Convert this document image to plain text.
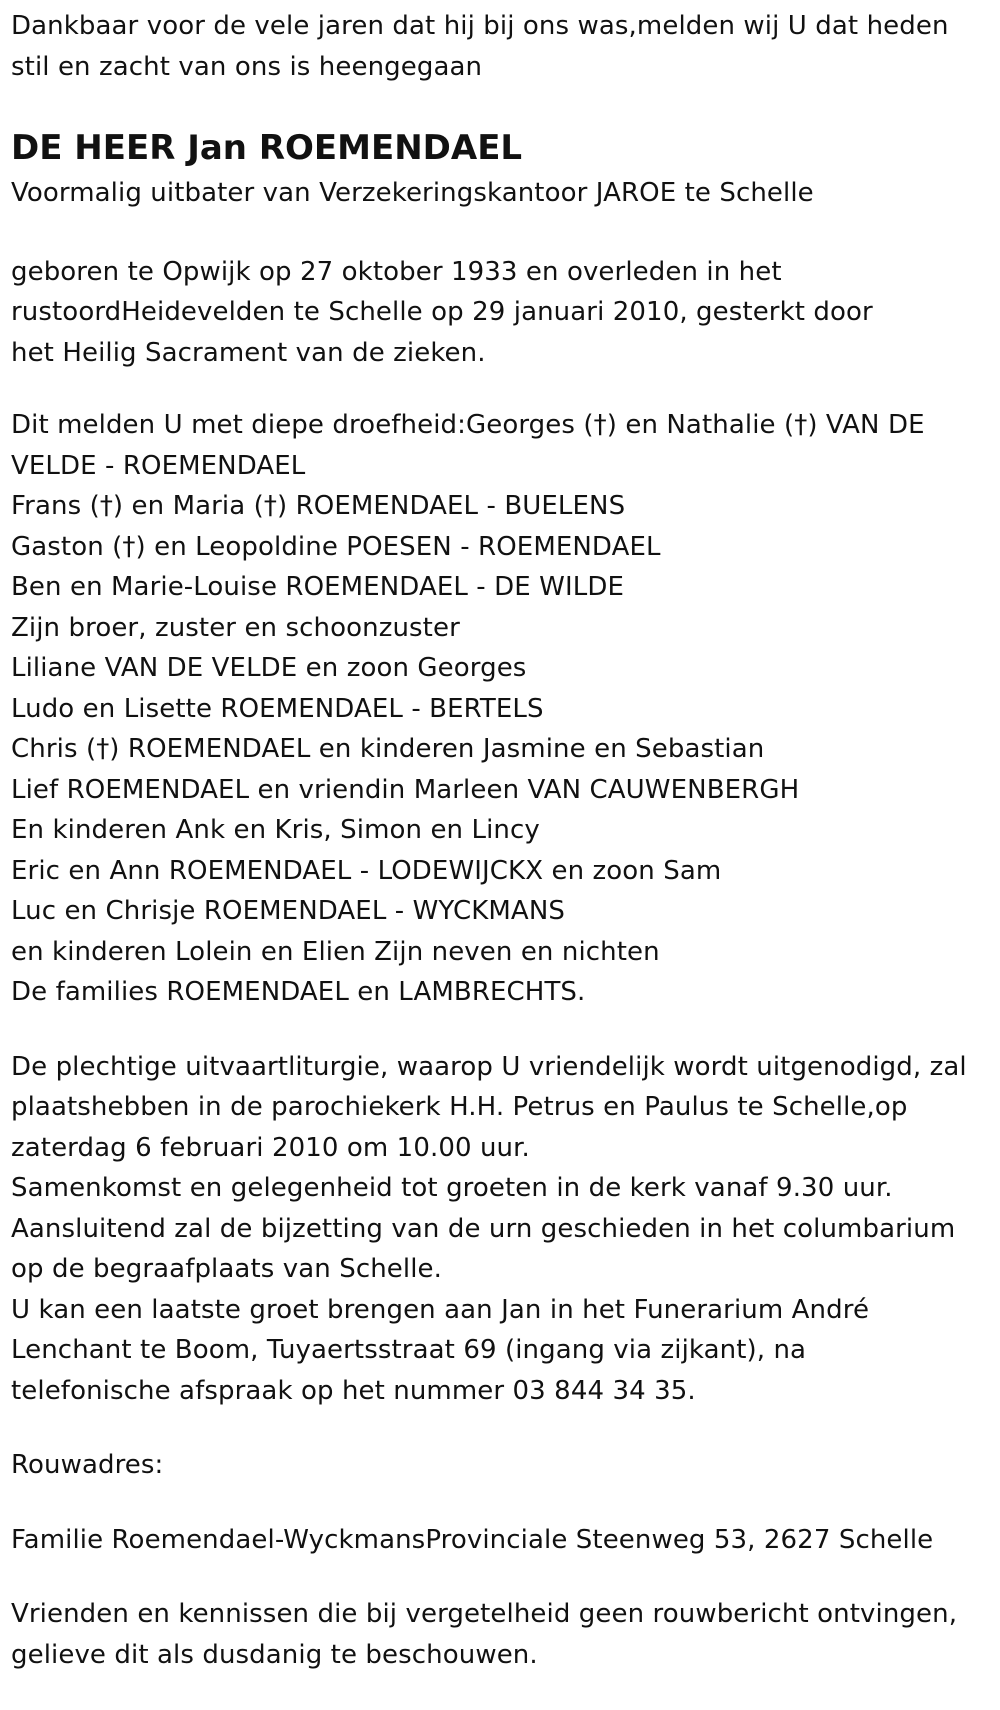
Dankbaar voor de vele jaren dat hij bij ons was,melden wij U dat heden
stil en zacht van ons is heengegaan
DE HEER Jan ROEMENDAEL
Voormalig uitbater van Verzekeringskantoor JAROE te Schelle
geboren te Opwijk op 27 oktober 1933 en overleden in het
rustoordHeidevelden te Schelle op 29 januari 2010, gesterkt door
het Heilig Sacrament van de zieken.
Dit melden U met diepe droefheid:Georges (†) en Nathalie (†) VAN DE
VELDE - ROEMENDAEL
Frans (†) en Maria (†) ROEMENDAEL - BUELENS
Gaston (†) en Leopoldine POESEN - ROEMENDAEL
Ben en Marie-Louise ROEMENDAEL - DE WILDE
Zijn broer, zuster en schoonzuster
Liliane VAN DE VELDE en zoon Georges
Ludo en Lisette ROEMENDAEL - BERTELS
Chris (†) ROEMENDAEL en kinderen Jasmine en Sebastian
Lief ROEMENDAEL en vriendin Marleen VAN CAUWENBERGH
En kinderen Ank en Kris, Simon en Lincy
Eric en Ann ROEMENDAEL - LODEWIJCKX en zoon Sam
Luc en Chrisje ROEMENDAEL - WYCKMANS
en kinderen Lolein en Elien Zijn neven en nichten
De families ROEMENDAEL en LAMBRECHTS.
De plechtige uitvaartliturgie, waarop U vriendelijk wordt uitgenodigd, zal
plaatshebben in de parochiekerk H.H. Petrus en Paulus te Schelle,op
zaterdag 6 februari 2010 om 10.00 uur.
Samenkomst en gelegenheid tot groeten in de kerk vanaf 9.30 uur.
Aansluitend zal de bijzetting van de urn geschieden in het columbarium
op de begraafplaats van Schelle.
U kan een laatste groet brengen aan Jan in het Funerarium André
Lenchant te Boom, Tuyaertsstraat 69 (ingang via zijkant), na
telefonische afspraak op het nummer 03 844 34 35.
Rouwadres:
Familie Roemendael-WyckmansProvinciale Steenweg 53, 2627 Schelle
Vrienden en kennissen die bij vergetelheid geen rouwbericht ontvingen,
gelieve dit als dusdanig te beschouwen.
